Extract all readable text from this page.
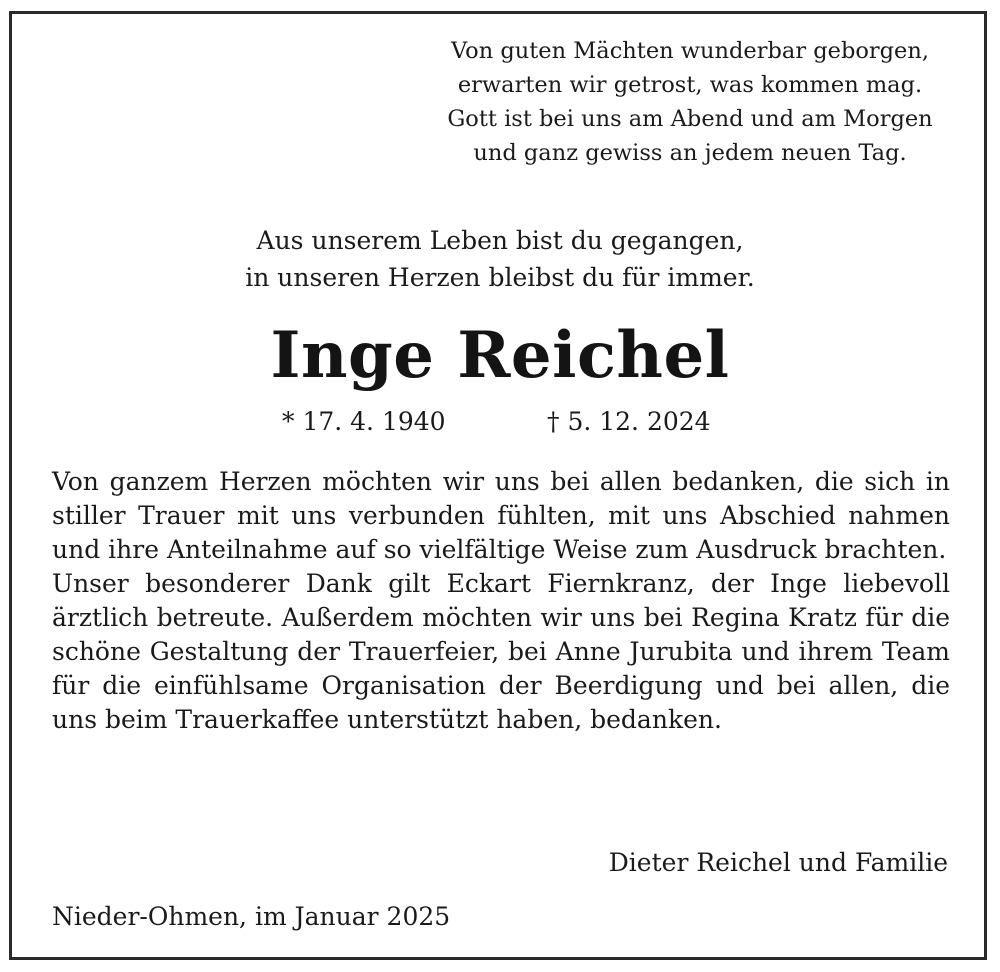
Von guten Mächten wunderbar geborgen,
erwarten wir getrost, was kommen mag.
Gott ist bei uns am Abend und am Morgen
und ganz gewiss an jedem neuen Tag.
Aus unserem Leben bist du gegangen,
in unseren Herzen bleibst du für immer.
Inge Reichel
* 17. 4. 1940	† 5. 12. 2024

Von ganzem Herzen möchten wir uns bei allen bedanken, die sich in stiller Trauer mit uns verbunden fühlten, mit uns Abschied nahmen und ihre Anteilnahme auf so vielfältige Weise zum Ausdruck brachten.

Unser besonderer Dank gilt Eckart Fiernkranz, der Inge liebevoll ärztlich betreute. Außerdem möchten wir uns bei Regina Kratz für die schöne Gestaltung der Trauerfeier, bei Anne Jurubita und ihrem Team für die einfühlsame Organisation der Beerdigung und bei allen, die uns beim Trauerkaffee unterstützt haben, bedanken.

Dieter Reichel und Familie
Nieder-Ohmen, im Januar 2025
